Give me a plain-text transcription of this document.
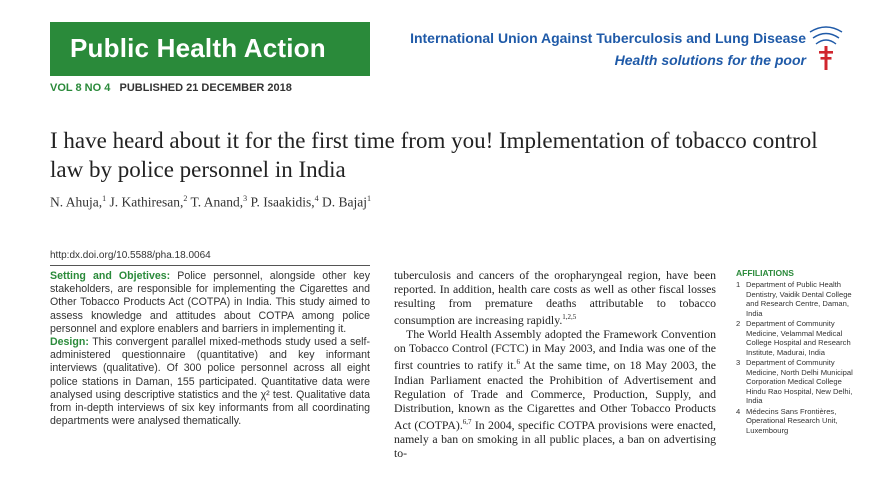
Public Health Action	International Union Against Tuberculosis and Lung Disease
Health solutions for the poor
VOL 8 NO 4 PUBLISHED 21 DECEMBER 2018
I have heard about it for the first time from you! Implementation of tobacco control law by police personnel in India
N. Ahuja,$^1$ J. Kathiresan,$^2$ T. Anand,$^3$ P. Isaakidis,$^4$ D. Bajaj$^1$
http:dx.doi.org/10.5588/pha.18.0064
Setting and Objetives: Police personnel, alongside other key stakeholders, are responsible for implementing the Cigarettes and Other Tobacco Products Act (COTPA) in India. This study aimed to assess knowledge and attitudes about COTPA among police personnel and explore enablers and barriers in implementing it.
Design: This convergent parallel mixed-methods study used a self-administered questionnaire (quantitative) and key informant interviews (qualitative). Of 300 police personnel across all eight police stations in Daman, 155 participated. Quantitative data were analysed using descriptive statistics and the χ² test. Qualitative data from in-depth interviews of six key informants from all coordinating departments were analysed thematically.

tuberculosis and cancers of the oropharyngeal region, have been reported. In addition, health care costs as well as other fiscal losses resulting from premature deaths attributable to tobacco consumption are increasing rapidly.$^{1,2,5}$

The World Health Assembly adopted the Framework Convention on Tobacco Control (FCTC) in May 2003, and India was one of the first countries to ratify it.$^6$ At the same time, on 18 May 2003, the Indian Parliament enacted the Prohibition of Advertisement and Regulation of Trade and Commerce, Production, Supply, and Distribution, known as the Cigarettes and Other Tobacco Products Act (COTPA).$^{6,7}$ In 2004, specific COTPA provisions were enacted, namely a ban on smoking in all public places, a ban on advertising to-

AFFILIATIONS
1 Department of Public Health Dentistry, Vaidik Dental College and Research Centre, Daman, India
2 Department of Community Medicine, Velammal Medical College Hospital and Research Institute, Madurai, India
3 Department of Community Medicine, North Delhi Municipal Corporation Medical College Hindu Rao Hospital, New Delhi, India
4 Médecins Sans Frontières, Operational Research Unit, Luxembourg
